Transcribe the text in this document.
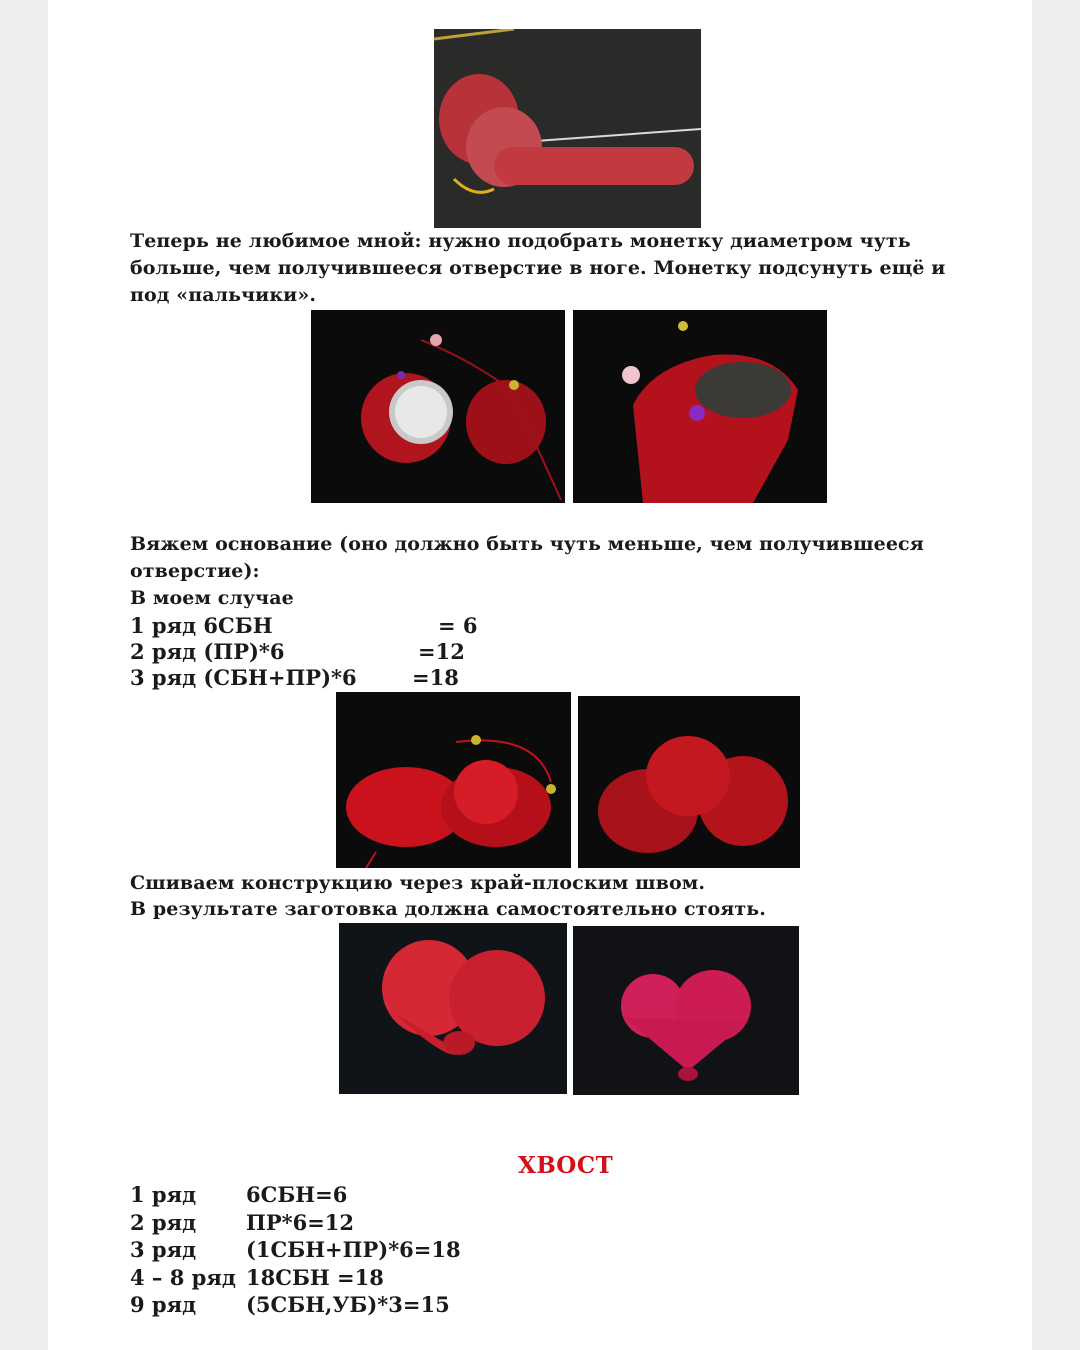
Теперь не любимое мной: нужно подобрать монетку диаметром чуть больше, чем получившееся отверстие в ноге. Монетку подсунуть ещё и под «пальчики».
Вяжем основание (оно должно быть чуть меньше, чем получившееся
отверстие):
В моем случае
1 ряд 6СБН	= 6
2 ряд (ПР)*6	=12
3 ряд (СБН+ПР)*6	=18
Сшиваем конструкцию через край-плоским швом.
В результате заготовка должна самостоятельно стоять.
ХВОСТ
1 ряд 6СБН=6
2 ряд ПР*6=12
3 ряд (1СБН+ПР)*6=18
4 – 8 ряд 18СБН =18
9 ряд (5СБН,УБ)*3=15
